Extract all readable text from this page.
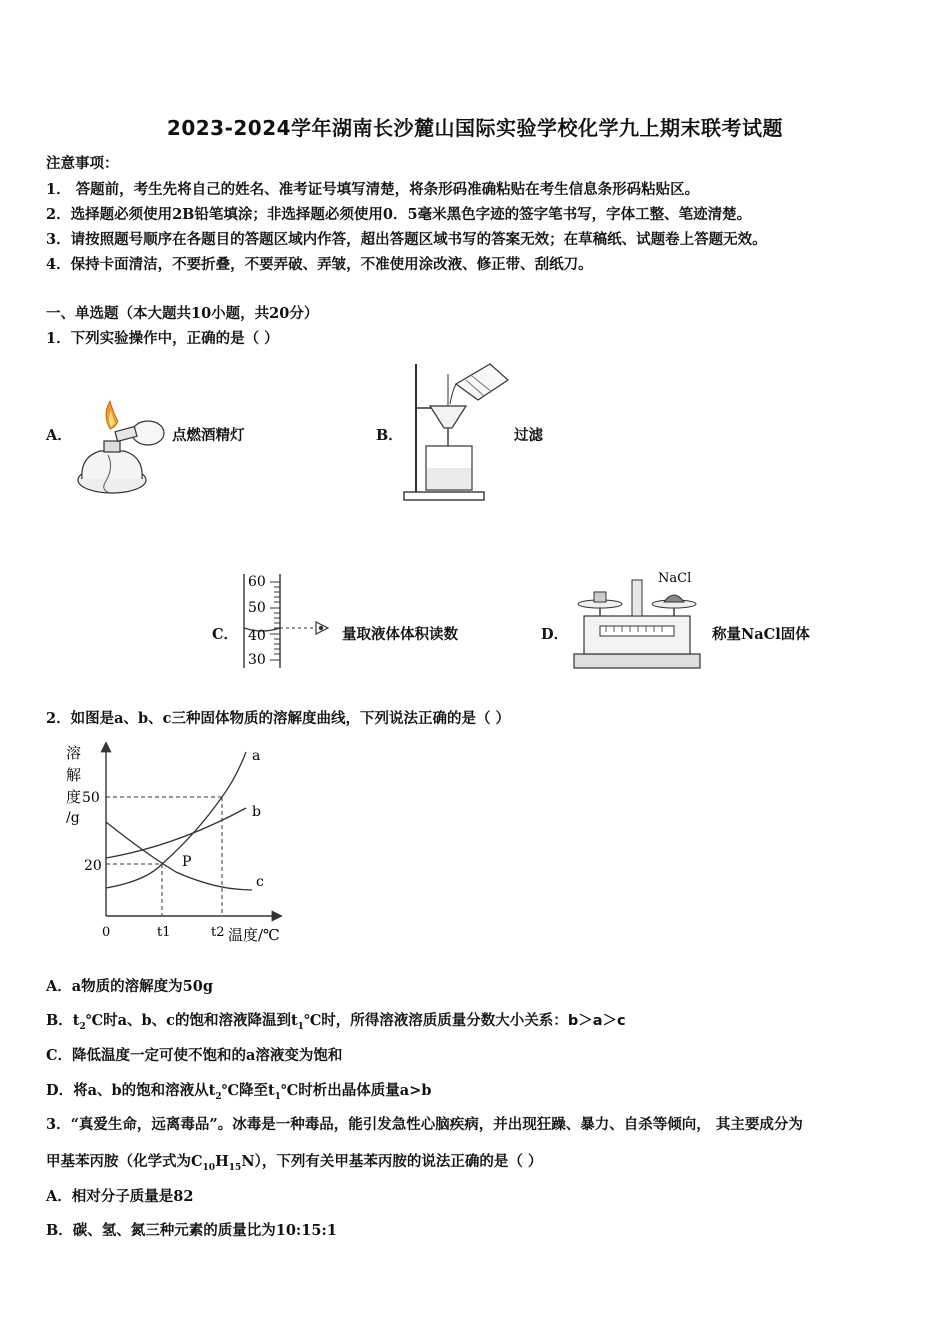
2023-2024学年湖南长沙麓山国际实验学校化学九上期末联考试题
注意事项：
1． 答题前，考生先将自己的姓名、准考证号填写清楚，将条形码准确粘贴在考生信息条形码粘贴区。
2．选择题必须使用2B铅笔填涂；非选择题必须使用0．5毫米黑色字迹的签字笔书写，字体工整、笔迹清楚。
3．请按照题号顺序在各题目的答题区域内作答，超出答题区域书写的答案无效；在草稿纸、试题卷上答题无效。
4．保持卡面清洁，不要折叠，不要弄破、弄皱，不准使用涂改液、修正带、刮纸刀。
一、单选题（本大题共10小题，共20分）
1．下列实验操作中，正确的是（ ）
A．	点燃酒精灯	B．	过滤
C．
60
50
40
30
量取液体体积读数	D．
NaCl
称量NaCl固体
2．如图是a、b、c三种固体物质的溶解度曲线，下列说法正确的是（ ）
溶
解
度
/g
50
20
0	t1	t2 温度/℃
a
b
c
P
A．a物质的溶解度为50g
B．$t_2℃$时a、b、c的饱和溶液降温到$t_1℃$时，所得溶液溶质质量分数大小关系：b＞a＞c
C．降低温度一定可使不饱和的a溶液变为饱和
D．将a、b的饱和溶液从$t_2℃$降至$t_1℃$时析出晶体质量a>b
3．“真爱生命，远离毒品”。冰毒是一种毒品，能引发急性心脑疾病，并出现狂躁、暴力、自杀等倾向， 其主要成分为
甲基苯丙胺（化学式为$C_{10}H_{15}N$），下列有关甲基苯丙胺的说法正确的是（ ）
A．相对分子质量是82
B．碳、氢、氮三种元素的质量比为10:15:1
